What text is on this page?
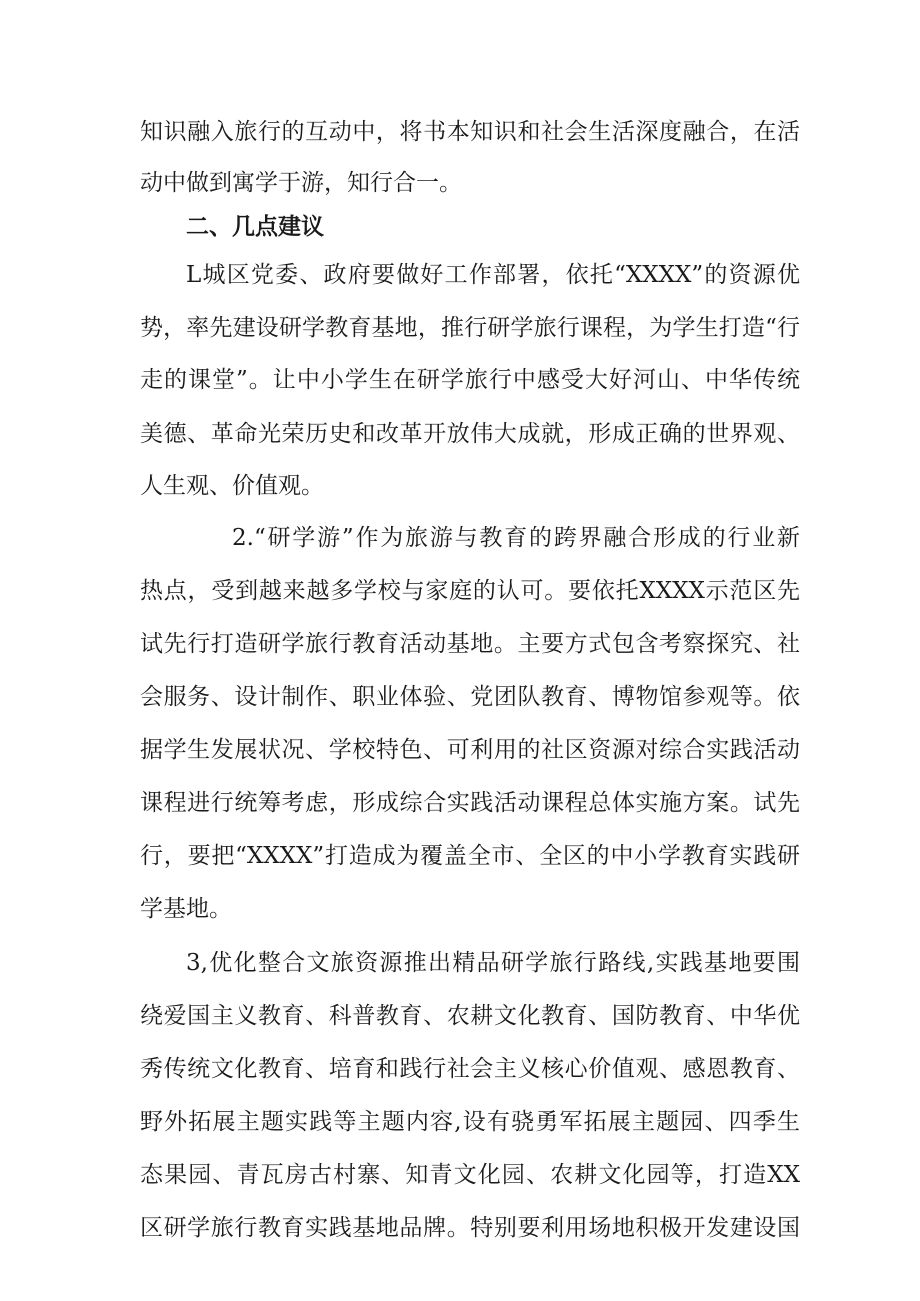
知识融入旅行的互动中，将书本知识和社会生活深度融合，在活
动中做到寓学于游，知行合一。
二、几点建议
L城区党委、政府要做好工作部署，依托“XXXX”的资源优
势，率先建设研学教育基地，推行研学旅行课程，为学生打造“行
走的课堂”。让中小学生在研学旅行中感受大好河山、中华传统
美德、革命光荣历史和改革开放伟大成就，形成正确的世界观、
人生观、价值观。
2.“研学游”作为旅游与教育的跨界融合形成的行业新
热点，受到越来越多学校与家庭的认可。要依托XXXX示范区先
试先行打造研学旅行教育活动基地。主要方式包含考察探究、社
会服务、设计制作、职业体验、党团队教育、博物馆参观等。依
据学生发展状况、学校特色、可利用的社区资源对综合实践活动
课程进行统筹考虑，形成综合实践活动课程总体实施方案。试先
行，要把“XXXX”打造成为覆盖全市、全区的中小学教育实践研
学基地。
3,优化整合文旅资源推出精品研学旅行路线,实践基地要围
绕爱国主义教育、科普教育、农耕文化教育、国防教育、中华优
秀传统文化教育、培育和践行社会主义核心价值观、感恩教育、
野外拓展主题实践等主题内容,设有骁勇军拓展主题园、四季生
态果园、青瓦房古村寨、知青文化园、农耕文化园等，打造XX
区研学旅行教育实践基地品牌。特别要利用场地积极开发建设国
